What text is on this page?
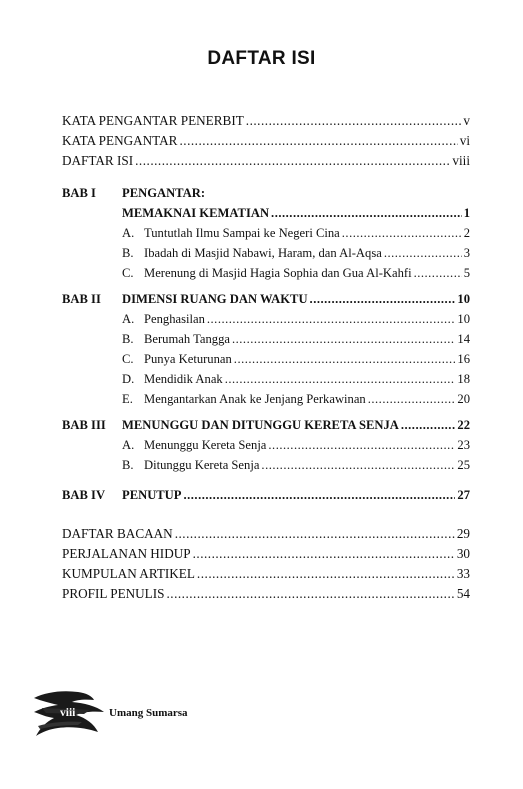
DAFTAR ISI
KATA PENGANTAR PENERBIT .....	v
KATA PENGANTAR .....	vi
DAFTAR ISI .....	viii
BAB I	PENGANTAR:
MEMAKNAI KEMATIAN .....	1
A. Tuntutlah Ilmu Sampai ke Negeri Cina .....	2
B. Ibadah di Masjid Nabawi, Haram, dan Al-Aqsa .....	3
C. Merenung di Masjid Hagia Sophia dan Gua Al-Kahfi .....	5
BAB II	DIMENSI RUANG DAN WAKTU .....	10
A. Penghasilan .....	10
B. Berumah Tangga .....	14
C. Punya Keturunan .....	16
D. Mendidik Anak .....	18
E. Mengantarkan Anak ke Jenjang Perkawinan .....	20
BAB III	MENUNGGU DAN DITUNGGU KERETA SENJA .....	22
A. Menunggu Kereta Senja .....	23
B. Ditunggu Kereta Senja .....	25
BAB IV	PENUTUP .....	27
DAFTAR BACAAN .....	29
PERJALANAN HIDUP .....	30
KUMPULAN ARTIKEL .....	33
PROFIL PENULIS .....	54
viii	Umang Sumarsa
